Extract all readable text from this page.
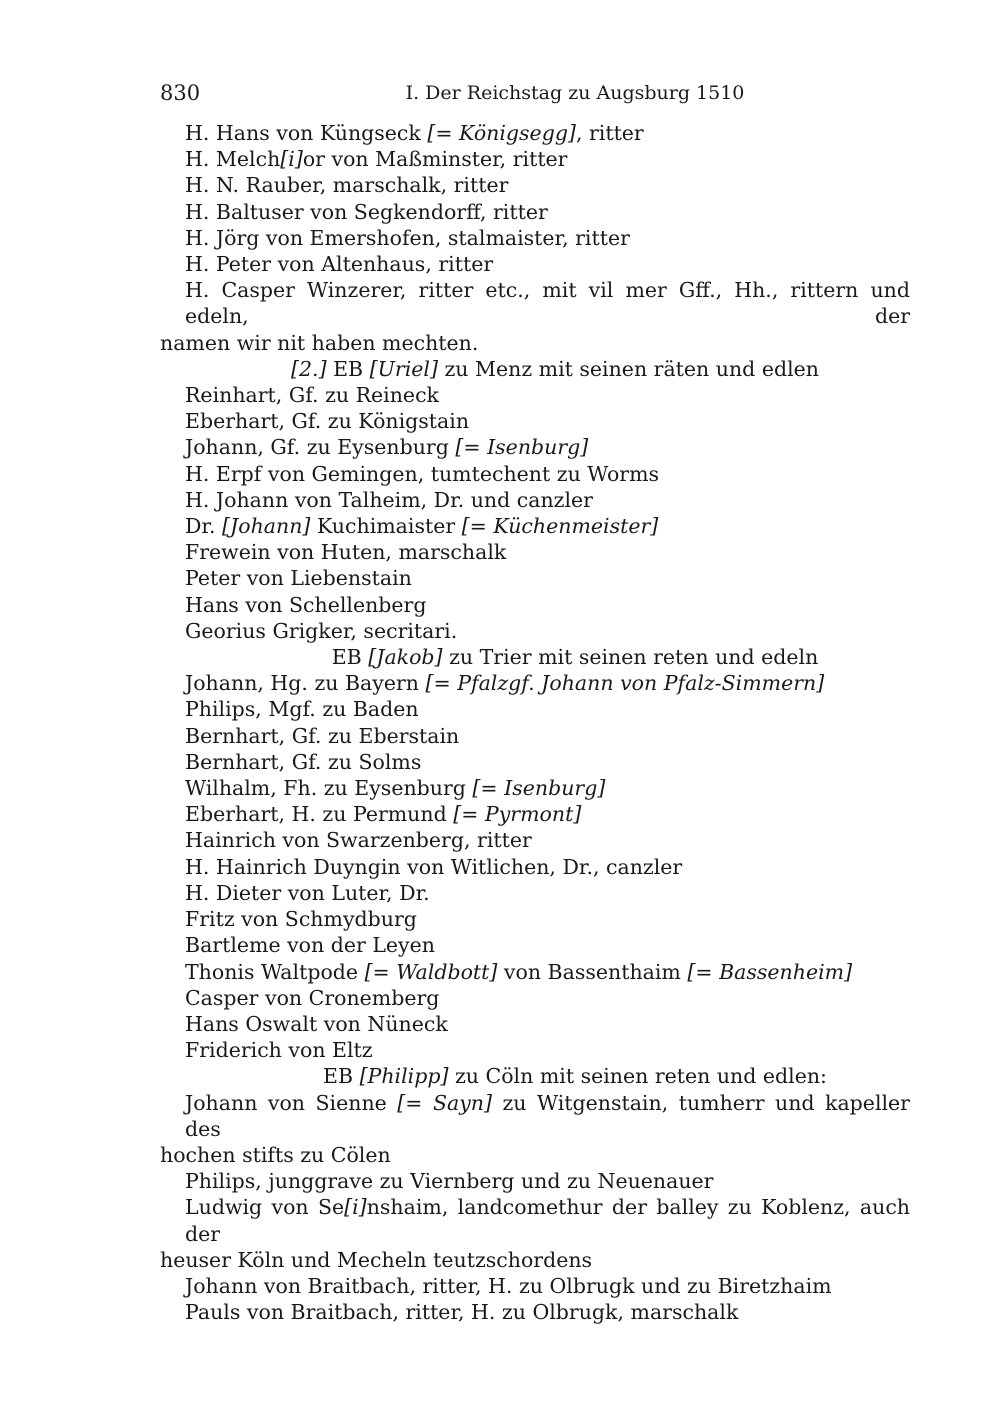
830	I. Der Reichstag zu Augsburg 1510
H. Hans von Küngseck [= Königsegg], ritter
H. Melch[i]or von Maßminster, ritter
H. N. Rauber, marschalk, ritter
H. Baltuser von Segkendorff, ritter
H. Jörg von Emershofen, stalmaister, ritter
H. Peter von Altenhaus, ritter
H. Casper Winzerer, ritter etc., mit vil mer Gff., Hh., rittern und edeln, der
namen wir nit haben mechten.
[2.] EB [Uriel] zu Menz mit seinen räten und edlen
Reinhart, Gf. zu Reineck
Eberhart, Gf. zu Königstain
Johann, Gf. zu Eysenburg [= Isenburg]
H. Erpf von Gemingen, tumtechent zu Worms
H. Johann von Talheim, Dr. und canzler
Dr. [Johann] Kuchimaister [= Küchenmeister]
Frewein von Huten, marschalk
Peter von Liebenstain
Hans von Schellenberg
Georius Grigker, secritari.
EB [Jakob] zu Trier mit seinen reten und edeln
Johann, Hg. zu Bayern [= Pfalzgf. Johann von Pfalz-Simmern]
Philips, Mgf. zu Baden
Bernhart, Gf. zu Eberstain
Bernhart, Gf. zu Solms
Wilhalm, Fh. zu Eysenburg [= Isenburg]
Eberhart, H. zu Permund [= Pyrmont]
Hainrich von Swarzenberg, ritter
H. Hainrich Duyngin von Witlichen, Dr., canzler
H. Dieter von Luter, Dr.
Fritz von Schmydburg
Bartleme von der Leyen
Thonis Waltpode [= Waldbott] von Bassenthaim [= Bassenheim]
Casper von Cronemberg
Hans Oswalt von Nüneck
Friderich von Eltz
EB [Philipp] zu Cöln mit seinen reten und edlen:
Johann von Sienne [= Sayn] zu Witgenstain, tumherr und kapeller des
hochen stifts zu Cölen
Philips, junggrave zu Viernberg und zu Neuenauer
Ludwig von Se[i]nshaim, landcomethur der balley zu Koblenz, auch der
heuser Köln und Mecheln teutzschordens
Johann von Braitbach, ritter, H. zu Olbrugk und zu Biretzhaim
Pauls von Braitbach, ritter, H. zu Olbrugk, marschalk
